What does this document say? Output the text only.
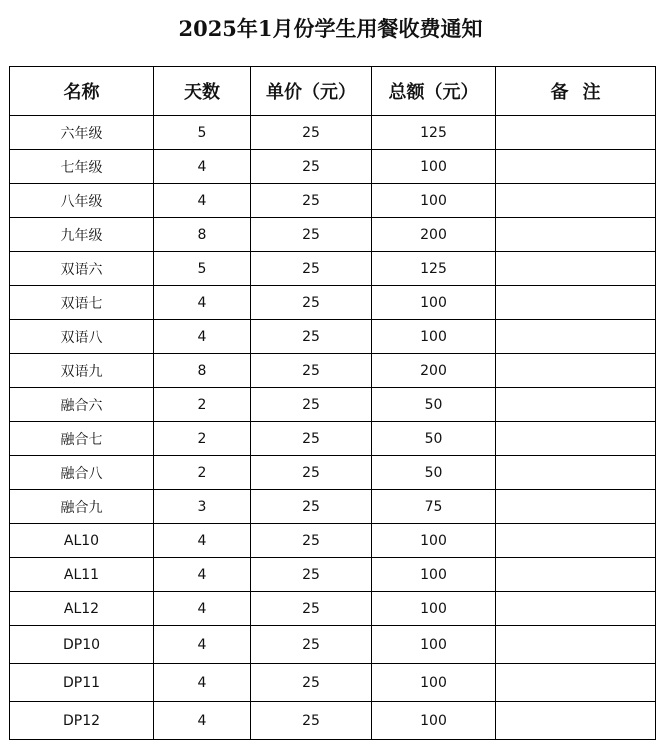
2025年1月份学生用餐收费通知
名称	天数	单价（元）	总额（元）	备注
六年级	5	25	125	
七年级	4	25	100	
八年级	4	25	100	
九年级	8	25	200	
双语六	5	25	125	
双语七	4	25	100	
双语八	4	25	100	
双语九	8	25	200	
融合六	2	25	50	
融合七	2	25	50	
融合八	2	25	50	
融合九	3	25	75	
AL10	4	25	100	
AL11	4	25	100	
AL12	4	25	100	
DP10	4	25	100	
DP11	4	25	100	
DP12	4	25	100	
